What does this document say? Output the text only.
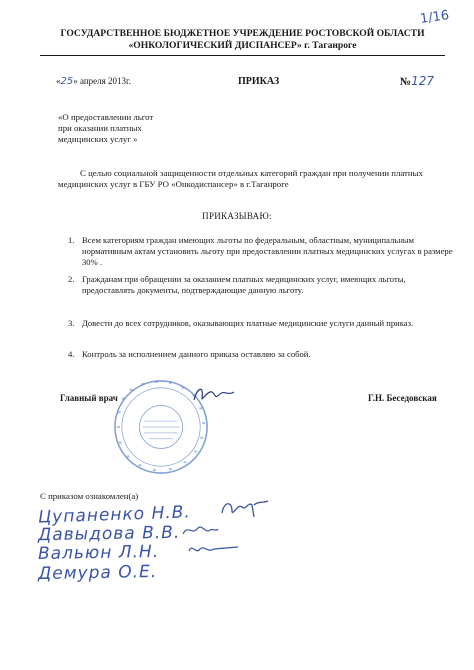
1/16
ГОСУДАРСТВЕННОЕ БЮДЖЕТНОЕ УЧРЕЖДЕНИЕ РОСТОВСКОЙ ОБЛАСТИ
«ОНКОЛОГИЧЕСКИЙ ДИСПАНСЕР» г. Таганроге
«25» апреля 2013г.	ПРИКАЗ	№127
«О предоставлении льгот
при оказании платных
медицинских услуг »
С целью социальной защищенности отдельных категорий граждан при получении платных медицинских услуг в ГБУ РО «Онкодиспансер» в г.Таганроге
ПРИКАЗЫВАЮ:
1. Всем категориям граждан имеющих льготы по федеральным, областным, муниципальным нормативным актам установить льготу при предоставлении платных медицинских услугах в размере 30% .
2. Гражданам при обращении за оказанием платных медицинских услуг, имеющих льготы, предоставлять документы, подтверждающие данную льготу.
3. Довести до всех сотрудников, оказывающих платные медицинские услуги данный приказ.
4. Контроль за исполнением данного приказа оставляю за собой.
Главный врач	Г.Н. Беседовская
С приказом ознакомлен(а)
Цупаненко Н.В.
Давыдова В.В.
Вальюн Л.Н.
Демура О.Е.
